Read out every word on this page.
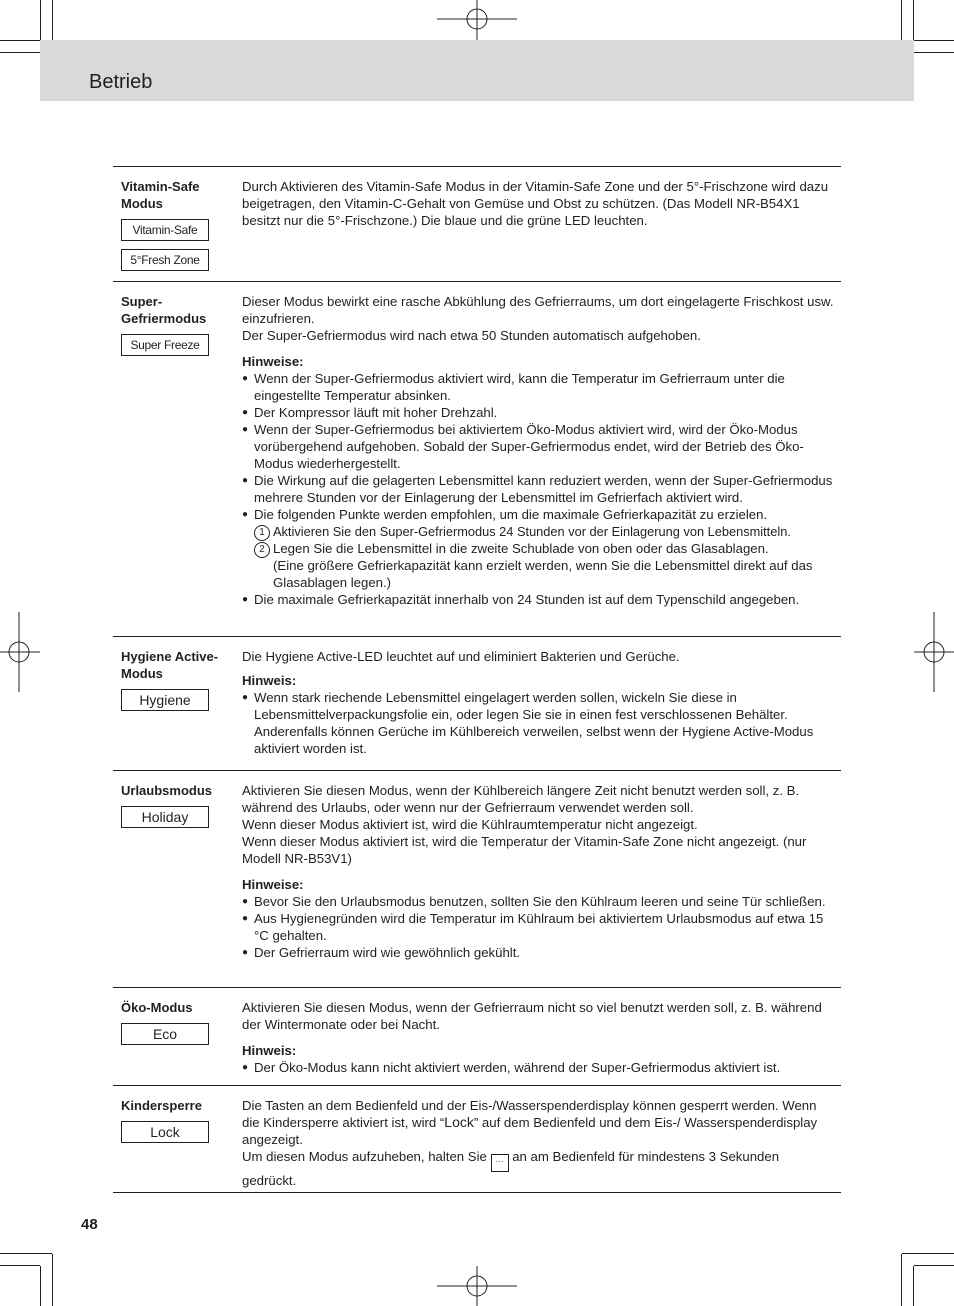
Betrieb
Vitamin-Safe Modus
Vitamin-Safe
5°Fresh Zone

Durch Aktivieren des Vitamin-Safe Modus in der Vitamin-Safe Zone und der 5°-Frischzone wird dazu beigetragen, den Vitamin-C-Gehalt von Gemüse und Obst zu schützen. (Das Modell NR-B54X1 besitzt nur die 5°-Frischzone.) Die blaue und die grüne LED leuchten.

Super-Gefriermodus
Super Freeze

Dieser Modus bewirkt eine rasche Abkühlung des Gefrierraums, um dort eingelagerte Frischkost usw. einzufrieren.

Der Super-Gefriermodus wird nach etwa 50 Stunden automatisch aufgehoben.

Hinweise:

● Wenn der Super-Gefriermodus aktiviert wird, kann die Temperatur im Gefrierraum unter die eingestellte Temperatur absinken.
● Der Kompressor läuft mit hoher Drehzahl.
● Wenn der Super-Gefriermodus bei aktiviertem Öko-Modus aktiviert wird, wird der Öko-Modus vorübergehend aufgehoben. Sobald der Super-Gefriermodus endet, wird der Betrieb des Öko-Modus wiederhergestellt.
● Die Wirkung auf die gelagerten Lebensmittel kann reduziert werden, wenn der Super-Gefriermodus mehrere Stunden vor der Einlagerung der Lebensmittel im Gefrierfach aktiviert wird.
● Die folgenden Punkte werden empfohlen, um die maximale Gefrierkapazität zu erzielen.
1 Aktivieren Sie den Super-Gefriermodus 24 Stunden vor der Einlagerung von Lebensmitteln.
2 Legen Sie die Lebensmittel in die zweite Schublade von oben oder das Glasablagen.
(Eine größere Gefrierkapazität kann erzielt werden, wenn Sie die Lebensmittel direkt auf das Glasablagen legen.)
● Die maximale Gefrierkapazität innerhalb von 24 Stunden ist auf dem Typenschild angegeben.
Hygiene Active-Modus
Hygiene

Die Hygiene Active-LED leuchtet auf und eliminiert Bakterien und Gerüche.

Hinweis:

● Wenn stark riechende Lebensmittel eingelagert werden sollen, wickeln Sie diese in Lebensmittelverpackungsfolie ein, oder legen Sie sie in einen fest verschlossenen Behälter. Anderenfalls können Gerüche im Kühlbereich verweilen, selbst wenn der Hygiene Active-Modus aktiviert worden ist.
Urlaubsmodus
Holiday

Aktivieren Sie diesen Modus, wenn der Kühlbereich längere Zeit nicht benutzt werden soll, z. B. während des Urlaubs, oder wenn nur der Gefrierraum verwendet werden soll.

Wenn dieser Modus aktiviert ist, wird die Kühlraumtemperatur nicht angezeigt.

Wenn dieser Modus aktiviert ist, wird die Temperatur der Vitamin-Safe Zone nicht angezeigt. (nur Modell NR-B53V1)

Hinweise:

● Bevor Sie den Urlaubsmodus benutzen, sollten Sie den Kühlraum leeren und seine Tür schließen.
● Aus Hygienegründen wird die Temperatur im Kühlraum bei aktiviertem Urlaubsmodus auf etwa 15 °C gehalten.
● Der Gefrierraum wird wie gewöhnlich gekühlt.
Öko-Modus
Eco

Aktivieren Sie diesen Modus, wenn der Gefrierraum nicht so viel benutzt werden soll, z. B. während der Wintermonate oder bei Nacht.

Hinweis:

● Der Öko-Modus kann nicht aktiviert werden, während der Super-Gefriermodus aktiviert ist.
Kindersperre
Lock

Die Tasten an dem Bedienfeld und der Eis-/Wasserspenderdisplay können gesperrt werden. Wenn die Kindersperre aktiviert ist, wird “Lock” auf dem Bedienfeld und dem Eis-/ Wasserspenderdisplay angezeigt.

Um diesen Modus aufzuheben, halten Sie ··· an am Bedienfeld für mindestens 3 Sekunden gedrückt.

48
